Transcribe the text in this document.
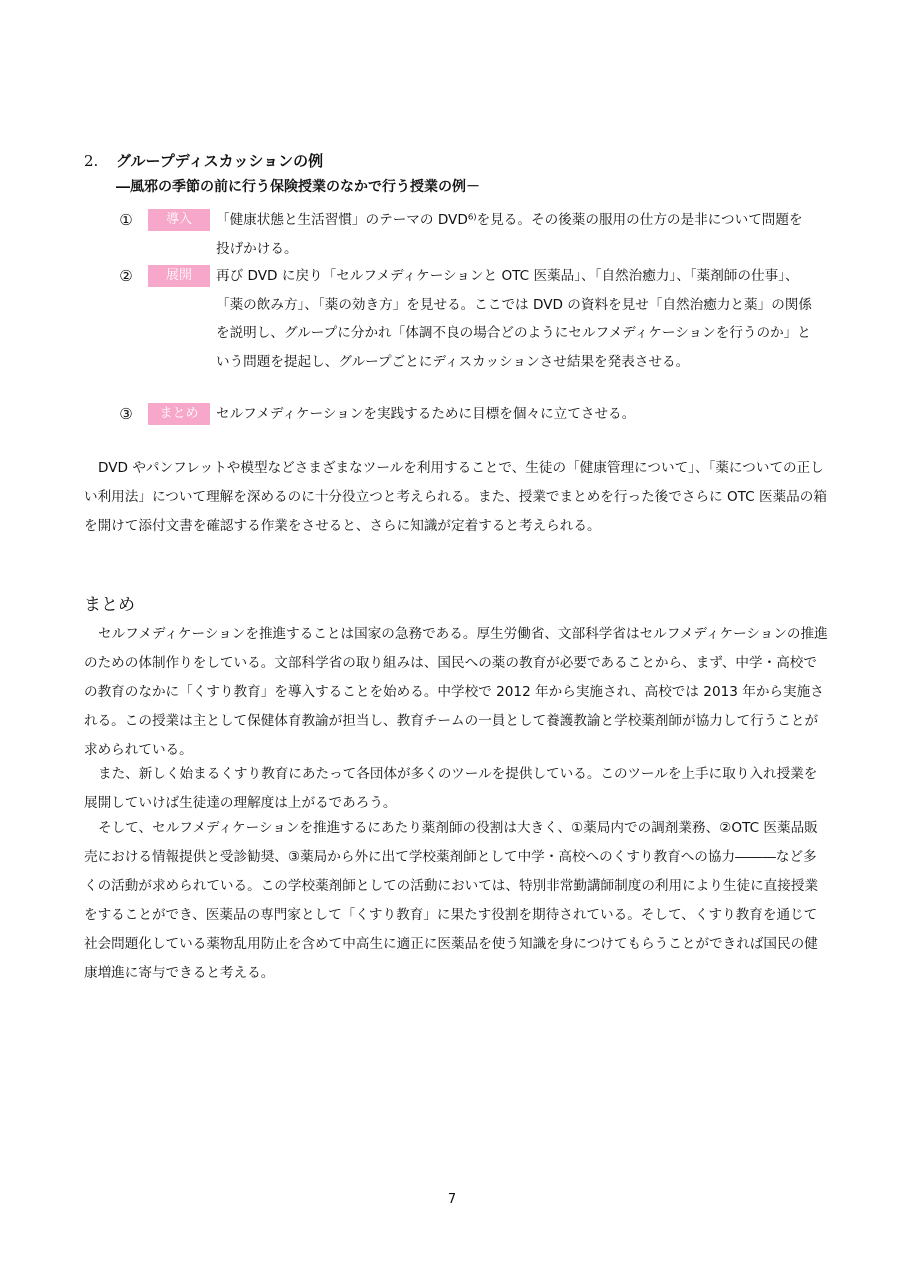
2. グループディスカッションの例
―風邪の季節の前に行う保険授業のなかで行う授業の例－
①	導入	「健康状態と生活習慣」のテーマの DVD⁶⁾を見る。その後薬の服用の仕方の是非について問題を投げかける。
②	展開	再び DVD に戻り「セルフメディケーションと OTC 医薬品」、「自然治癒力」、「薬剤師の仕事」、「薬の飲み方」、「薬の効き方」を見せる。ここでは DVD の資料を見せ「自然治癒力と薬」の関係を説明し、グループに分かれ「体調不良の場合どのようにセルフメディケーションを行うのか」という問題を提起し、グループごとにディスカッションさせ結果を発表させる。
③	まとめ	セルフメディケーションを実践するために目標を個々に立てさせる。
DVD やパンフレットや模型などさまざまなツールを利用することで、生徒の「健康管理について」、「薬についての正しい利用法」について理解を深めるのに十分役立つと考えられる。また、授業でまとめを行った後でさらに OTC 医薬品の箱を開けて添付文書を確認する作業をさせると、さらに知識が定着すると考えられる。
まとめ
セルフメディケーションを推進することは国家の急務である。厚生労働省、文部科学省はセルフメディケーションの推進のための体制作りをしている。文部科学省の取り組みは、国民への薬の教育が必要であることから、まず、中学・高校での教育のなかに「くすり教育」を導入することを始める。中学校で 2012 年から実施され、高校では 2013 年から実施される。この授業は主として保健体育教諭が担当し、教育チームの一員として養護教諭と学校薬剤師が協力して行うことが求められている。
また、新しく始まるくすり教育にあたって各団体が多くのツールを提供している。このツールを上手に取り入れ授業を展開していけば生徒達の理解度は上がるであろう。
そして、セルフメディケーションを推進するにあたり薬剤師の役割は大きく、①薬局内での調剤業務、②OTC 医薬品販売における情報提供と受診勧奨、③薬局から外に出て学校薬剤師として中学・高校へのくすり教育への協力―――など多くの活動が求められている。この学校薬剤師としての活動においては、特別非常勤講師制度の利用により生徒に直接授業をすることができ、医薬品の専門家として「くすり教育」に果たす役割を期待されている。そして、くすり教育を通じて社会問題化している薬物乱用防止を含めて中高生に適正に医薬品を使う知識を身につけてもらうことができれば国民の健康増進に寄与できると考える。
7
